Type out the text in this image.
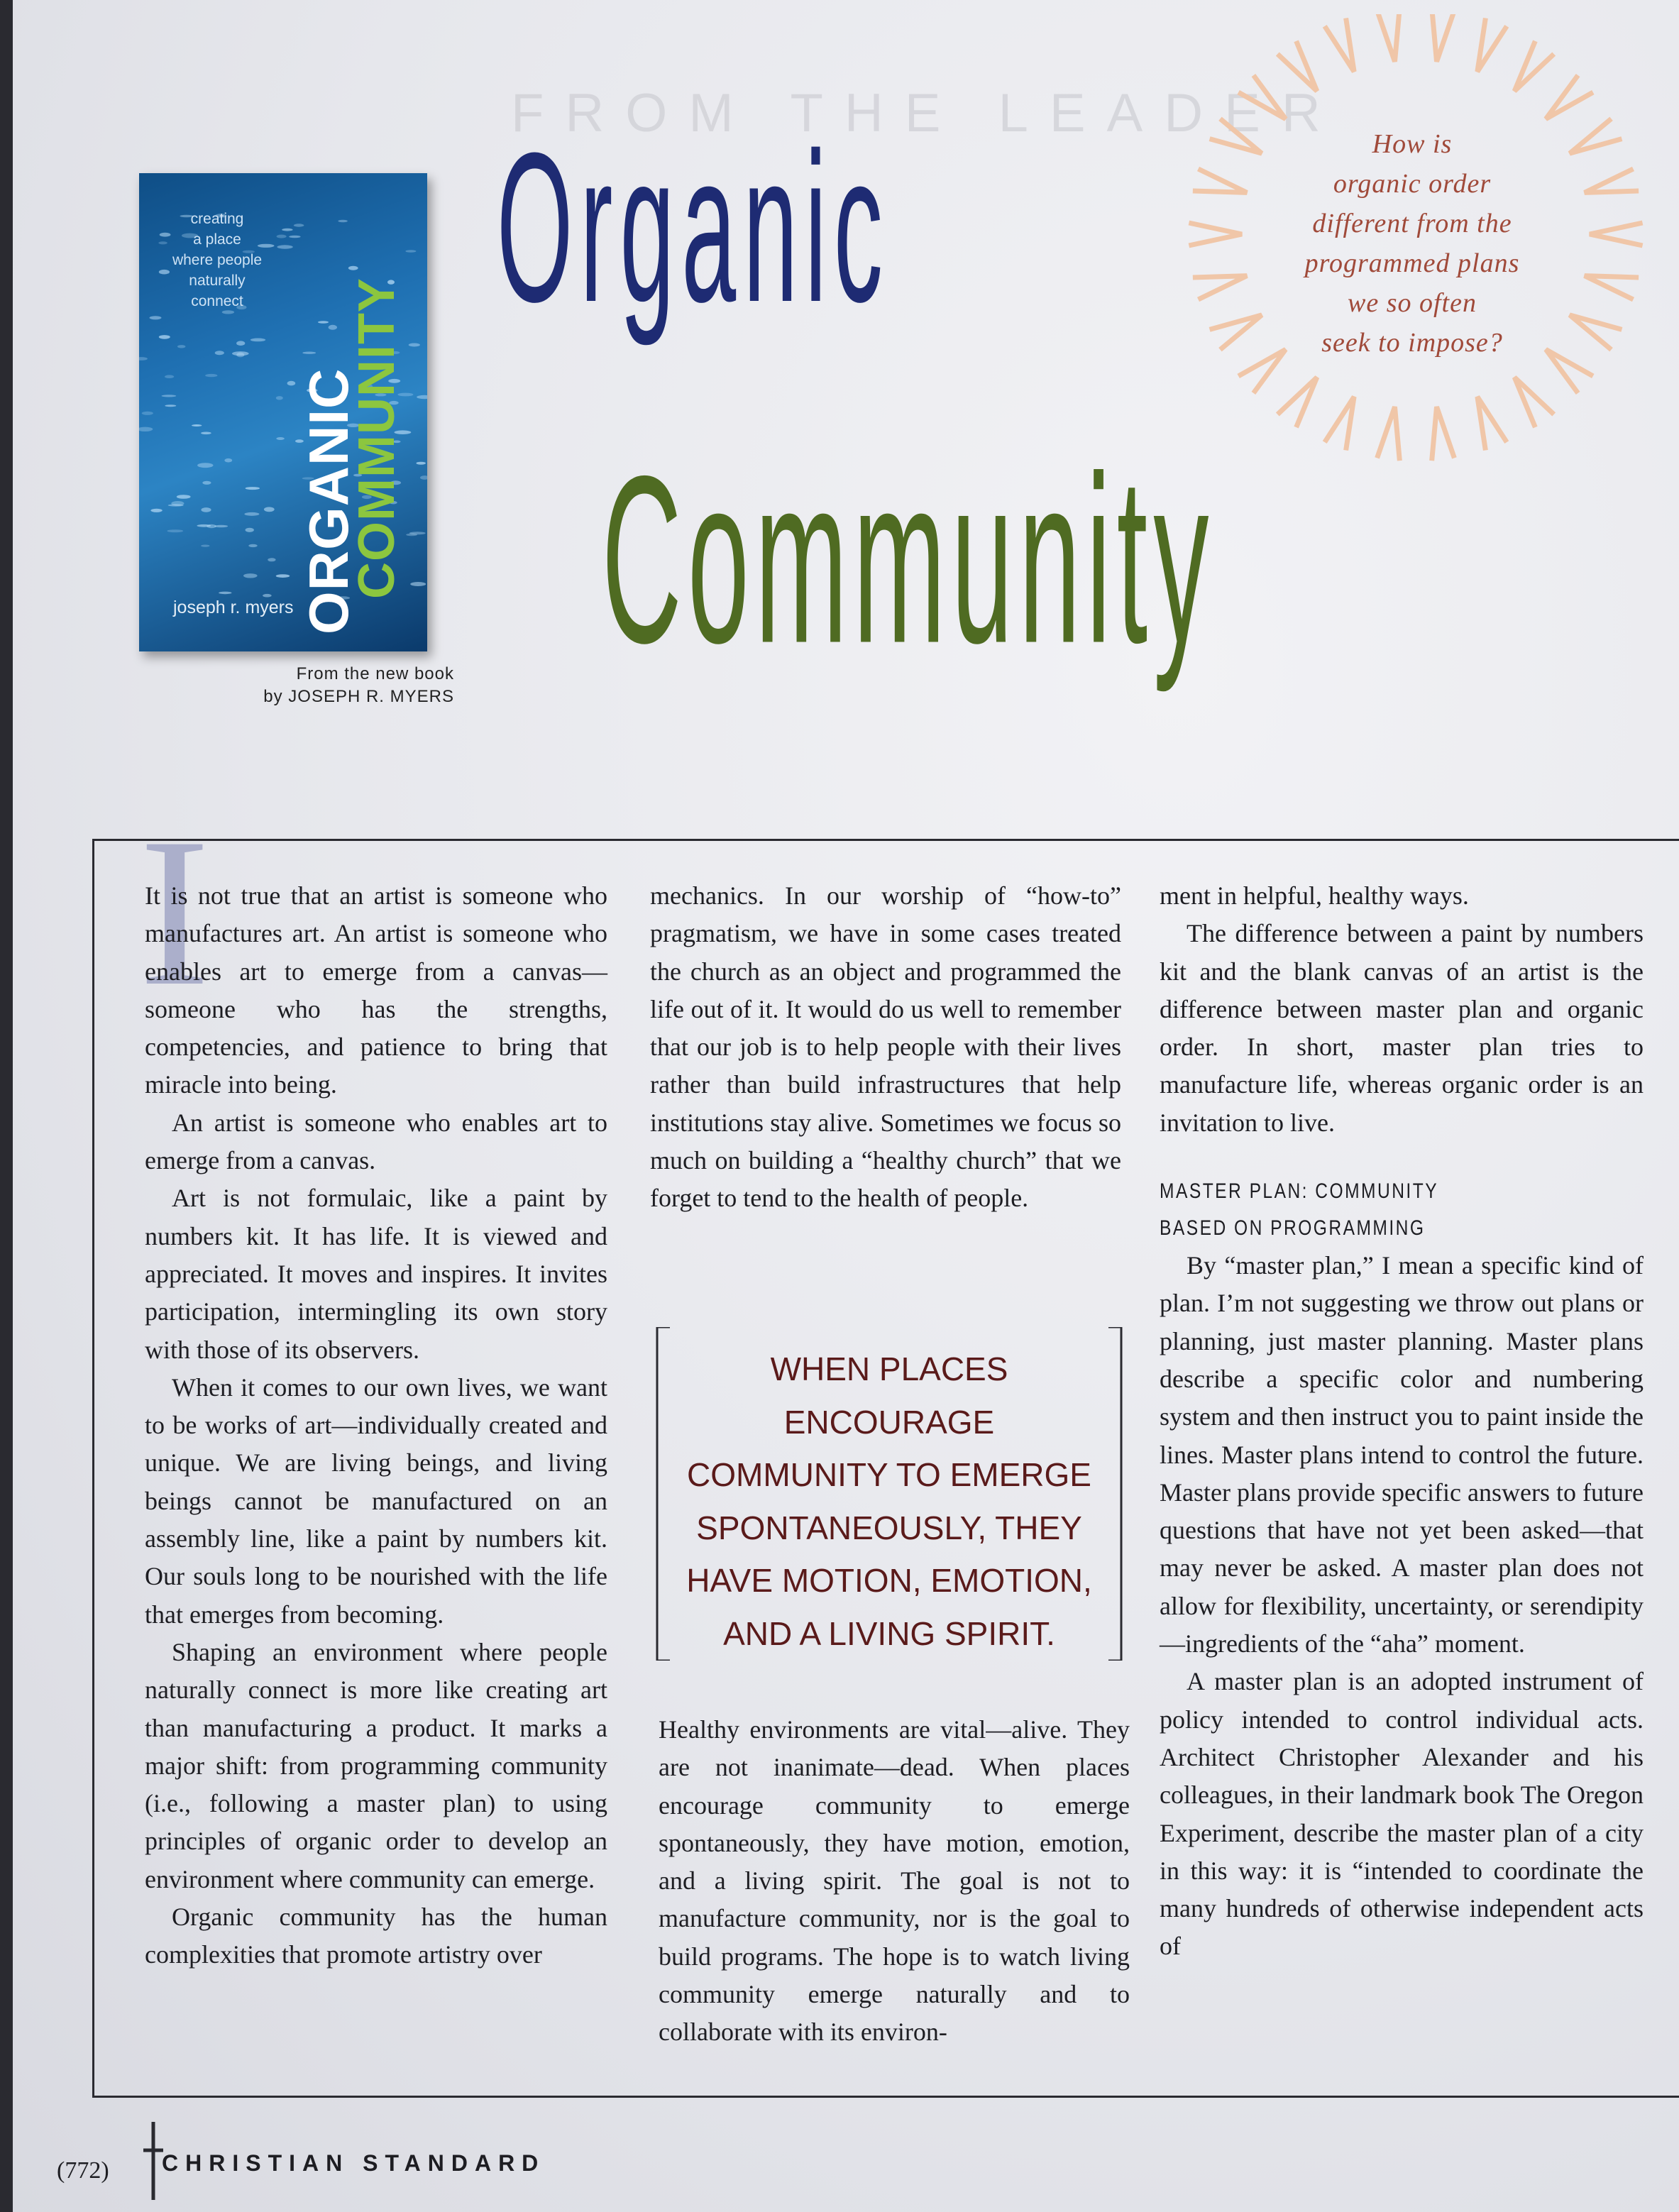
FROM THE LEADER
How is
organic order
different from the
programmed plans
we so often
seek to impose?
creating
a place
where people
naturally
connect
ORGANIC
COMMUNITY
joseph r. myers
From the new book
by JOSEPH R. MYERS
Organic
Community
I

It is not true that an artist is someone who manufactures art. An artist is someone who enables art to emerge from a canvas—someone who has the strengths, competencies, and patience to bring that miracle into being.

An artist is someone who enables art to emerge from a canvas.

Art is not formulaic, like a paint by numbers kit. It has life. It is viewed and appreciated. It moves and inspires. It invites participation, intermingling its own story with those of its observers.

When it comes to our own lives, we want to be works of art—individually created and unique. We are living beings, and living beings cannot be manufactured on an assembly line, like a paint by numbers kit. Our souls long to be nourished with the life that emerges from becoming.

Shaping an environment where people naturally connect is more like creating art than manufacturing a product. It marks a major shift: from programming community (i.e., following a master plan) to using principles of organic order to develop an environment where community can emerge.

Organic community has the human complexities that promote artistry over

mechanics. In our worship of “how-to” pragmatism, we have in some cases treated the church as an object and programmed the life out of it. It would do us well to remember that our job is to help people with their lives rather than build infrastructures that help institutions stay alive. Sometimes we focus so much on building a “healthy church” that we forget to tend to the health of people.

WHEN PLACES
ENCOURAGE
COMMUNITY TO EMERGE
SPONTANEOUSLY, THEY
HAVE MOTION, EMOTION,
AND A LIVING SPIRIT.

Healthy environments are vital—alive. They are not inanimate—dead. When places encourage community to emerge spontaneously, they have motion, emotion, and a living spirit. The goal is not to manufacture community, nor is the goal to build programs. The hope is to watch living community emerge naturally and to collaborate with its environ-

ment in helpful, healthy ways.

The difference between a paint by numbers kit and the blank canvas of an artist is the difference between master plan and organic order. In short, master plan tries to manufacture life, whereas organic order is an invitation to live.

MASTER PLAN: COMMUNITY
BASED ON PROGRAMMING

By “master plan,” I mean a specific kind of plan. I’m not suggesting we throw out plans or planning, just master planning. Master plans describe a specific color and numbering system and then instruct you to paint inside the lines. Master plans intend to control the future. Master plans provide specific answers to future questions that have not yet been asked—that may never be asked. A master plan does not allow for flexibility, uncertainty, or serendipity—ingredients of the “aha” moment.

A master plan is an adopted instrument of policy intended to control individual acts. Architect Christopher Alexander and his colleagues, in their landmark book The Oregon Experiment, describe the master plan of a city in this way: it is “intended to coordinate the many hundreds of otherwise independent acts of

(772) CHRISTIAN STANDARD
